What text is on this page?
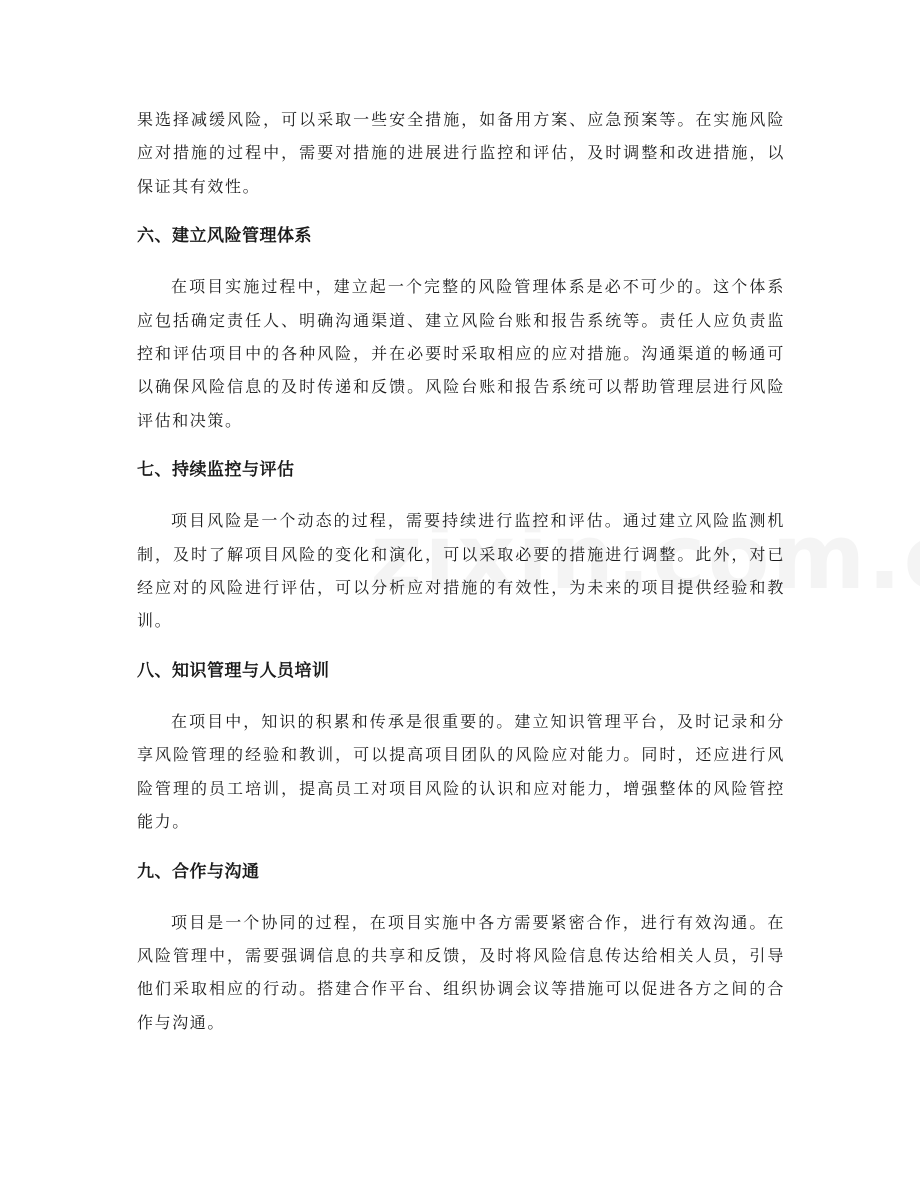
果选择减缓风险，可以采取一些安全措施，如备用方案、应急预案等。在实施风险应对措施的过程中，需要对措施的进展进行监控和评估，及时调整和改进措施，以保证其有效性。

六、建立风险管理体系

在项目实施过程中，建立起一个完整的风险管理体系是必不可少的。这个体系应包括确定责任人、明确沟通渠道、建立风险台账和报告系统等。责任人应负责监控和评估项目中的各种风险，并在必要时采取相应的应对措施。沟通渠道的畅通可以确保风险信息的及时传递和反馈。风险台账和报告系统可以帮助管理层进行风险评估和决策。

七、持续监控与评估

项目风险是一个动态的过程，需要持续进行监控和评估。通过建立风险监测机制，及时了解项目风险的变化和演化，可以采取必要的措施进行调整。此外，对已经应对的风险进行评估，可以分析应对措施的有效性，为未来的项目提供经验和教训。

八、知识管理与人员培训

在项目中，知识的积累和传承是很重要的。建立知识管理平台，及时记录和分享风险管理的经验和教训，可以提高项目团队的风险应对能力。同时，还应进行风险管理的员工培训，提高员工对项目风险的认识和应对能力，增强整体的风险管控能力。

九、合作与沟通

项目是一个协同的过程，在项目实施中各方需要紧密合作，进行有效沟通。在风险管理中，需要强调信息的共享和反馈，及时将风险信息传达给相关人员，引导他们采取相应的行动。搭建合作平台、组织协调会议等措施可以促进各方之间的合作与沟通。
